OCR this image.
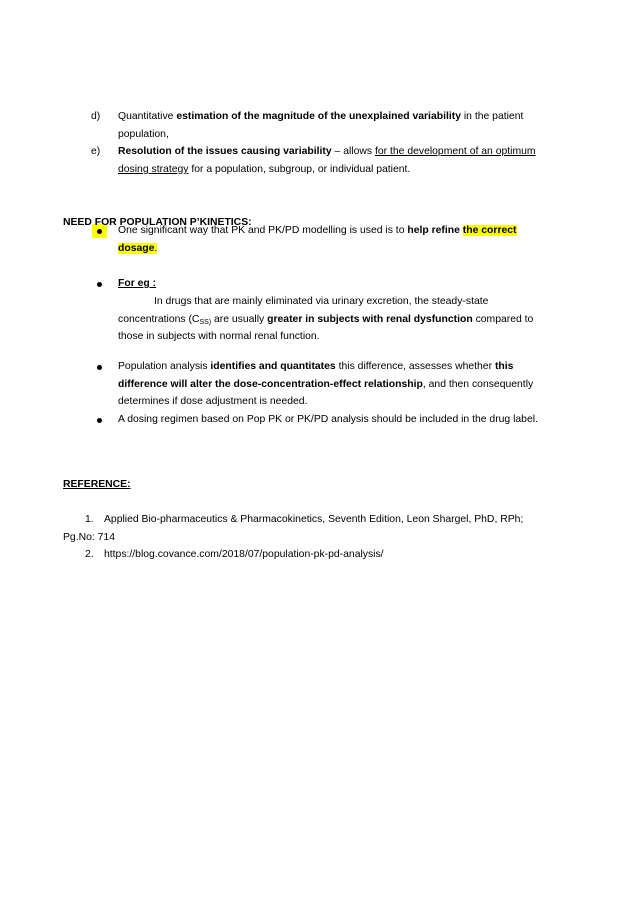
d)	Quantitative estimation of the magnitude of the unexplained variability in the patient
population,
e)	Resolution of the issues causing variability – allows for the development of an optimum
dosing strategy for a population, subgroup, or individual patient.
NEED FOR POPULATION P’KINETICS:
One significant way that PK and PK/PD modelling is used is to help refine the correct
dosage.
For eg :
In drugs that are mainly eliminated via urinary excretion, the steady-state
concentrations ($C_{SS)}$ are usually greater in subjects with renal dysfunction compared to
those in subjects with normal renal function.
Population analysis identifies and quantitates this difference, assesses whether this
difference will alter the dose-concentration-effect relationship, and then consequently
determines if dose adjustment is needed.
A dosing regimen based on Pop PK or PK/PD analysis should be included in the drug label.
REFERENCE:
1. Applied Bio-pharmaceutics & Pharmacokinetics, Seventh Edition, Leon Shargel, PhD, RPh;
Pg.No: 714
2. https://blog.covance.com/2018/07/population-pk-pd-analysis/
